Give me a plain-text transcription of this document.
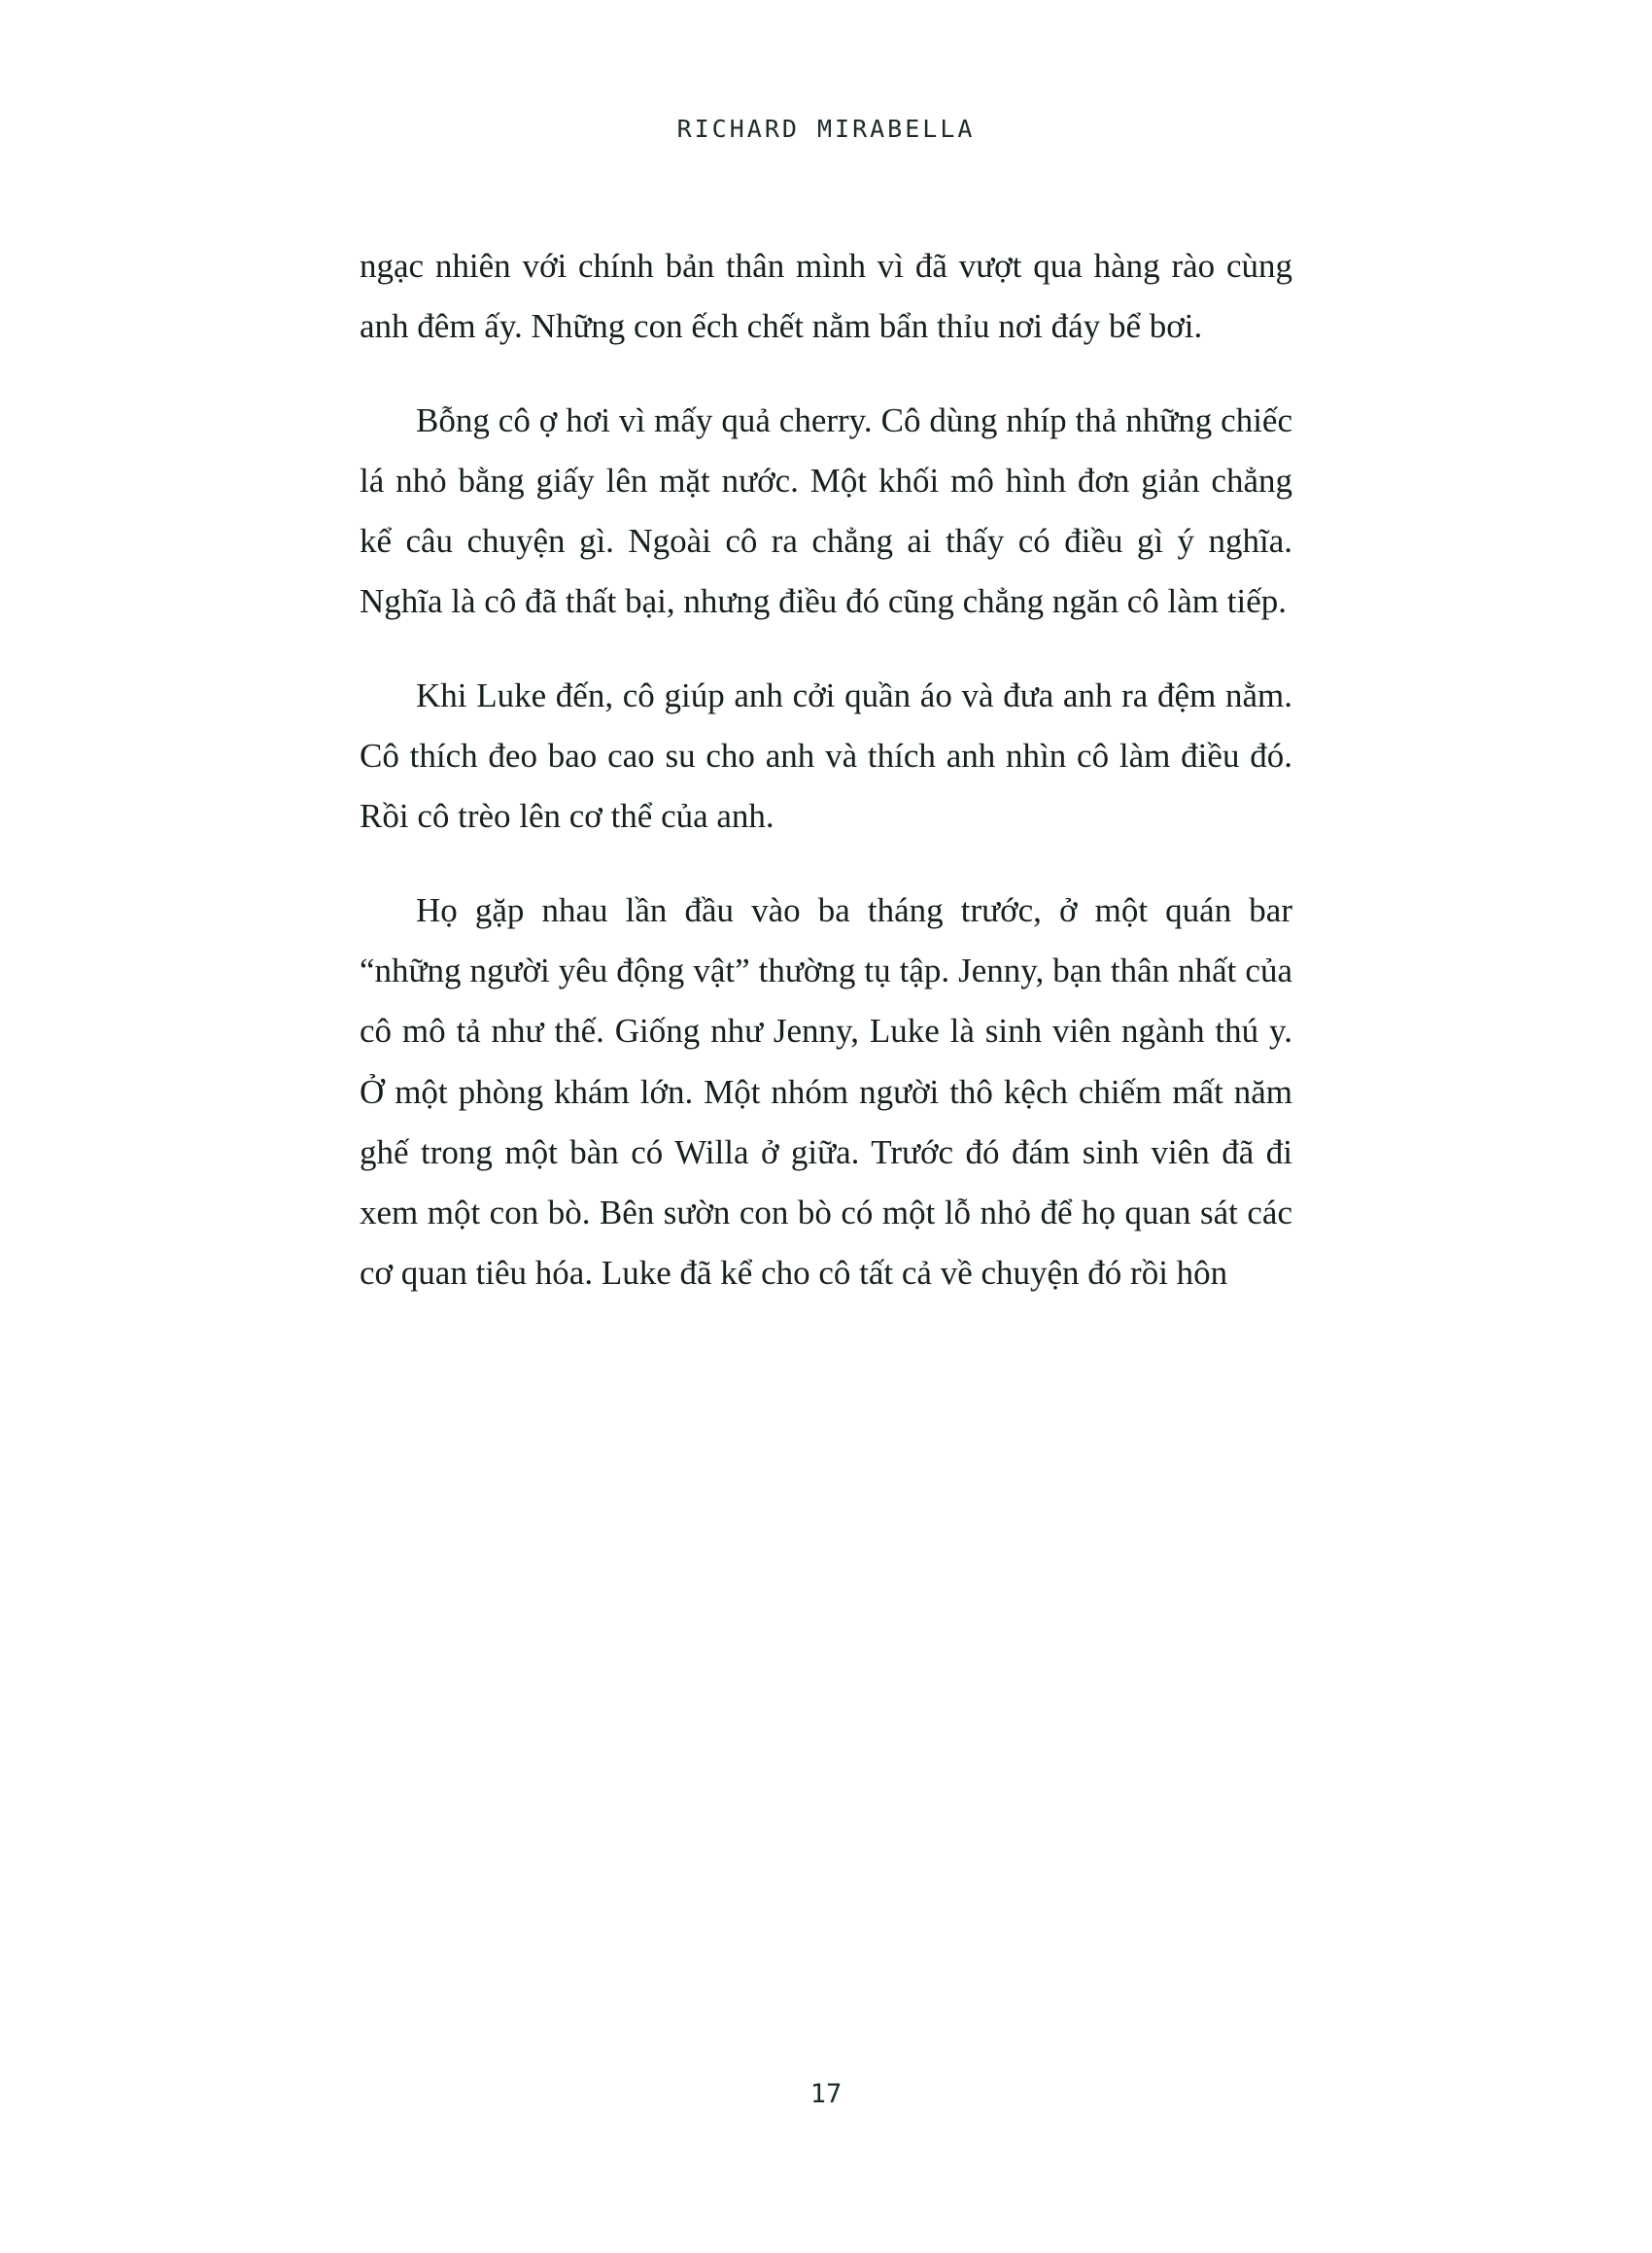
RICHARD MIRABELLA

ngạc nhiên với chính bản thân mình vì đã vượt qua hàng rào cùng anh đêm ấy. Những con ếch chết nằm bẩn thỉu nơi đáy bể bơi.

Bỗng cô ợ hơi vì mấy quả cherry. Cô dùng nhíp thả những chiếc lá nhỏ bằng giấy lên mặt nước. Một khối mô hình đơn giản chẳng kể câu chuyện gì. Ngoài cô ra chẳng ai thấy có điều gì ý nghĩa. Nghĩa là cô đã thất bại, nhưng điều đó cũng chẳng ngăn cô làm tiếp.

Khi Luke đến, cô giúp anh cởi quần áo và đưa anh ra đệm nằm. Cô thích đeo bao cao su cho anh và thích anh nhìn cô làm điều đó. Rồi cô trèo lên cơ thể của anh.

Họ gặp nhau lần đầu vào ba tháng trước, ở một quán bar “những người yêu động vật” thường tụ tập. Jenny, bạn thân nhất của cô mô tả như thế. Giống như Jenny, Luke là sinh viên ngành thú y. Ở một phòng khám lớn. Một nhóm người thô kệch chiếm mất năm ghế trong một bàn có Willa ở giữa. Trước đó đám sinh viên đã đi xem một con bò. Bên sườn con bò có một lỗ nhỏ để họ quan sát các cơ quan tiêu hóa. Luke đã kể cho cô tất cả về chuyện đó rồi hôn

17
